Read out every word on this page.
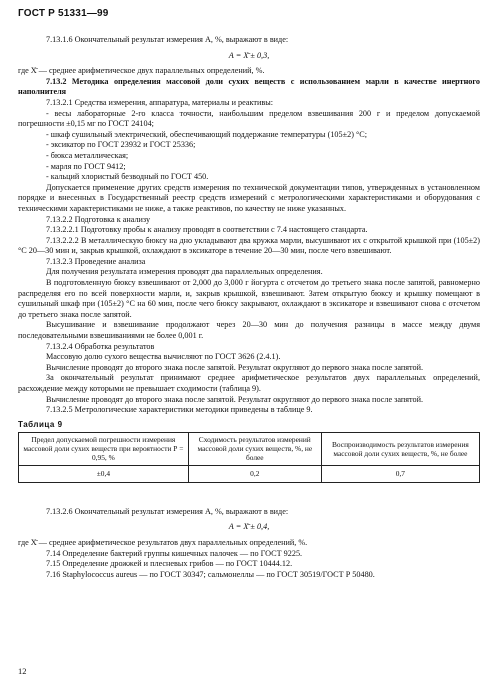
ГОСТ Р 51331—99

7.13.1.6 Окончательный результат измерения А, %, выражают в виде:

А = Х̄ ± 0,3,

где Х̄ — среднее арифметическое двух параллельных определений, %.

7.13.2 Методика определения массовой доли сухих веществ с использованием марли в качестве инертного наполнителя

7.13.2.1 Средства измерения, аппаратура, материалы и реактивы:

- весы лабораторные 2-го класса точности, наибольшим пределом взвешивания 200 г и пределом допускаемой погрешности ±0,15 мг по ГОСТ 24104;

- шкаф сушильный электрический, обеспечивающий поддержание температуры (105±2) °С;

- эксикатор по ГОСТ 23932 и ГОСТ 25336;

- бюкса металлическая;

- марля по ГОСТ 9412;

- кальций хлористый безводный по ГОСТ 450.

Допускается применение других средств измерения по технической документации типов, утвержденных в установленном порядке и внесенных в Государственный реестр средств измерений с метрологическими характеристиками и оборудования с техническими характеристиками не ниже, а также реактивов, по качеству не ниже указанных.

7.13.2.2 Подготовка к анализу

7.13.2.2.1 Подготовку пробы к анализу проводят в соответствии с 7.4 настоящего стандарта.

7.13.2.2.2 В металлическую бюксу на дно укладывают два кружка марли, высушивают их с открытой крышкой при (105±2) °С 20—30 мин и, закрыв крышкой, охлаждают в эксикаторе в течение 20—30 мин, после чего взвешивают.

7.13.2.3 Проведение анализа

Для получения результата измерения проводят два параллельных определения.

В подготовленную бюксу взвешивают от 2,000 до 3,000 г йогурта с отсчетом до третьего знака после запятой, равномерно распределяя его по всей поверхности марли, и, закрыв крышкой, взвешивают. Затем открытую бюксу и крышку помещают в сушильный шкаф при (105±2) °С на 60 мин, после чего бюксу закрывают, охлаждают в эксикаторе и взвешивают снова с отсчетом до третьего знака после запятой.

Высушивание и взвешивание продолжают через 20—30 мин до получения разницы в массе между двумя последовательными взвешиваниями не более 0,001 г.

7.13.2.4 Обработка результатов

Массовую долю сухого вещества вычисляют по ГОСТ 3626 (2.4.1).

Вычисление проводят до второго знака после запятой. Результат округляют до первого знака после запятой.

За окончательный результат принимают среднее арифметическое результатов двух параллельных определений, расхождение между которыми не превышает сходимости (таблица 9).

Вычисление проводят до второго знака после запятой. Результат округляют до первого знака после запятой.

7.13.2.5 Метрологические характеристики методики приведены в таблице 9.

Таблица 9
Предел допускаемой погрешности измерения массовой доли сухих веществ при вероятности Р = 0,95, %	Сходимость результатов измерений массовой доли сухих веществ, %, не более	Воспроизводимость результатов измерения массовой доли сухих веществ, %, не более
±0,4	0,2	0,7

7.13.2.6 Окончательный результат измерения А, %, выражают в виде:

А = Х̄ ± 0,4,

где Х̄ — среднее арифметическое результатов двух параллельных определений, %.

7.14 Определение бактерий группы кишечных палочек — по ГОСТ 9225.

7.15 Определение дрожжей и плесневых грибов — по ГОСТ 10444.12.

7.16 Staphylococcus aureus — по ГОСТ 30347; сальмонеллы — по ГОСТ 30519/ГОСТ Р 50480.

12
